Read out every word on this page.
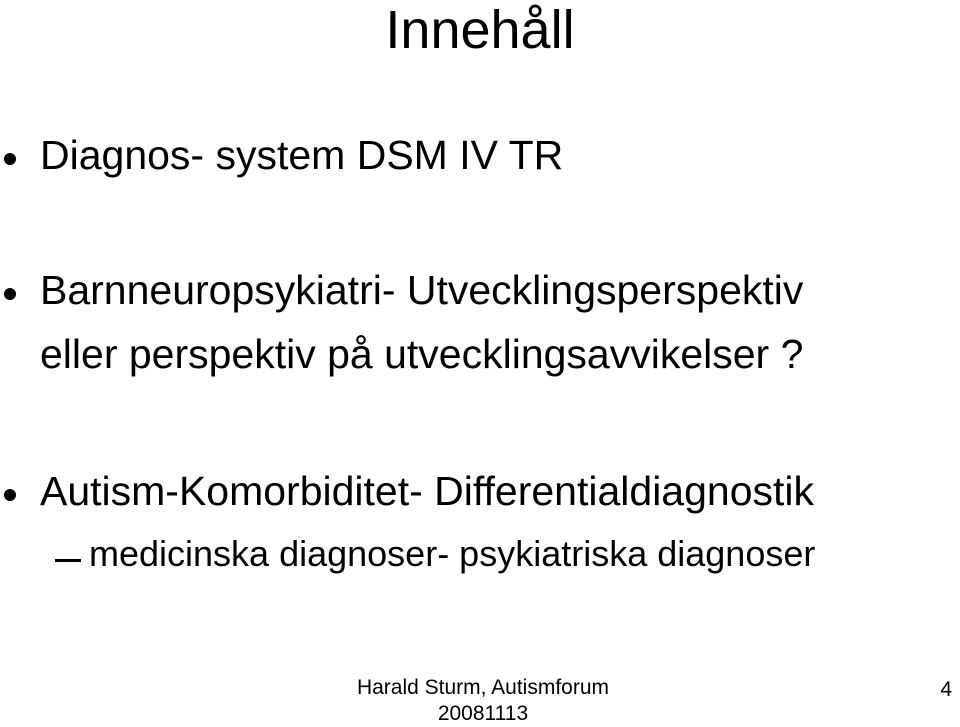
Innehåll
Diagnos- system DSM IV TR
Barnneuropsykiatri- Utvecklingsperspektiv
eller perspektiv på utvecklingsavvikelser ?
Autism-Komorbiditet- Differentialdiagnostik
medicinska diagnoser- psykiatriska diagnoser
Harald Sturm, Autismforum
20081113
4
